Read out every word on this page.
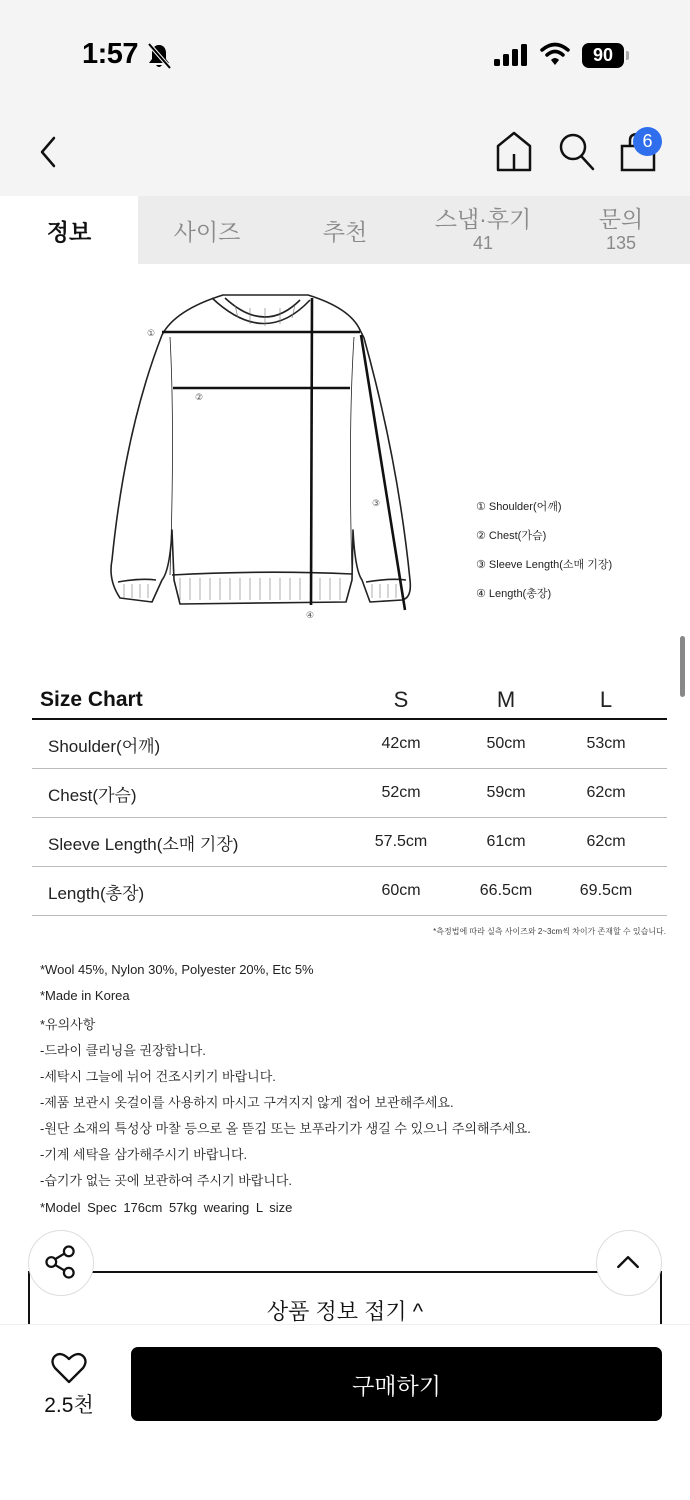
1:57	90
6
정보	사이즈	추천	스냅·후기
41
문의
135
①
②
③
④
① Shoulder(어깨)
② Chest(가슴)
③ Sleeve Length(소매 기장)
④ Length(총장)
Size Chart	S	M	L
Shoulder(어깨)	42cm	50cm	53cm
Chest(가슴)	52cm	59cm	62cm
Sleeve Length(소매 기장)	57.5cm	61cm	62cm
Length(총장)	60cm	66.5cm	69.5cm
*측정법에 따라 실측 사이즈와 2~3cm씩 차이가 존재할 수 있습니다.
*Wool 45%, Nylon 30%, Polyester 20%, Etc 5%
*Made in Korea
*유의사항
-드라이 클리닝을 권장합니다.
-세탁시 그늘에 뉘어 건조시키기 바랍니다.
-제품 보관시 옷걸이를 사용하지 마시고 구겨지지 않게 접어 보관해주세요.
-원단 소재의 특성상 마찰 등으로 올 뜯김 또는 보푸라기가 생길 수 있으니 주의해주세요.
-기계 세탁을 삼가해주시기 바랍니다.
-습기가 없는 곳에 보관하여 주시기 바랍니다.
*Model Spec 176cm 57kg wearing L size
상품 정보 접기 ^
2.5천
구매하기
